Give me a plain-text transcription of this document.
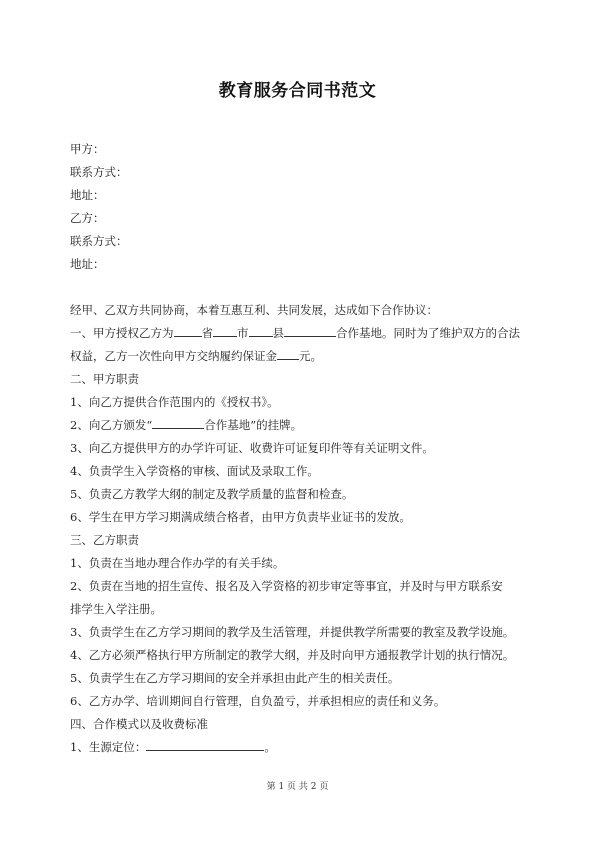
教育服务合同书范文
甲方：
联系方式：
地址：
乙方：
联系方式：
地址：
经甲、乙双方共同协商，本着互惠互利、共同发展，达成如下合作协议：
一、甲方授权乙方为 省 市 县	合作基地。同时为了维护双方的合法
权益，乙方一次性向甲方交纳履约保证金 元。
二、甲方职责
1、向乙方提供合作范围内的《授权书》。
2、向乙方颁发“	合作基地”的挂牌。
3、向乙方提供甲方的办学许可证、收费许可证复印件等有关证明文件。
4、负责学生入学资格的审核、面试及录取工作。
5、负责乙方教学大纲的制定及教学质量的监督和检查。
6、学生在甲方学习期满成绩合格者，由甲方负责毕业证书的发放。
三、乙方职责
1、负责在当地办理合作办学的有关手续。
2、负责在当地的招生宣传、报名及入学资格的初步审定等事宜，并及时与甲方联系安
排学生入学注册。
3、负责学生在乙方学习期间的教学及生活管理，并提供教学所需要的教室及教学设施。
4、乙方必须严格执行甲方所制定的教学大纲，并及时向甲方通报教学计划的执行情况。
5、负责学生在乙方学习期间的安全并承担由此产生的相关责任。
6、乙方办学、培训期间自行管理，自负盈亏，并承担相应的责任和义务。
四、合作模式以及收费标准
1、生源定位：	。
第 1 页 共 2 页
